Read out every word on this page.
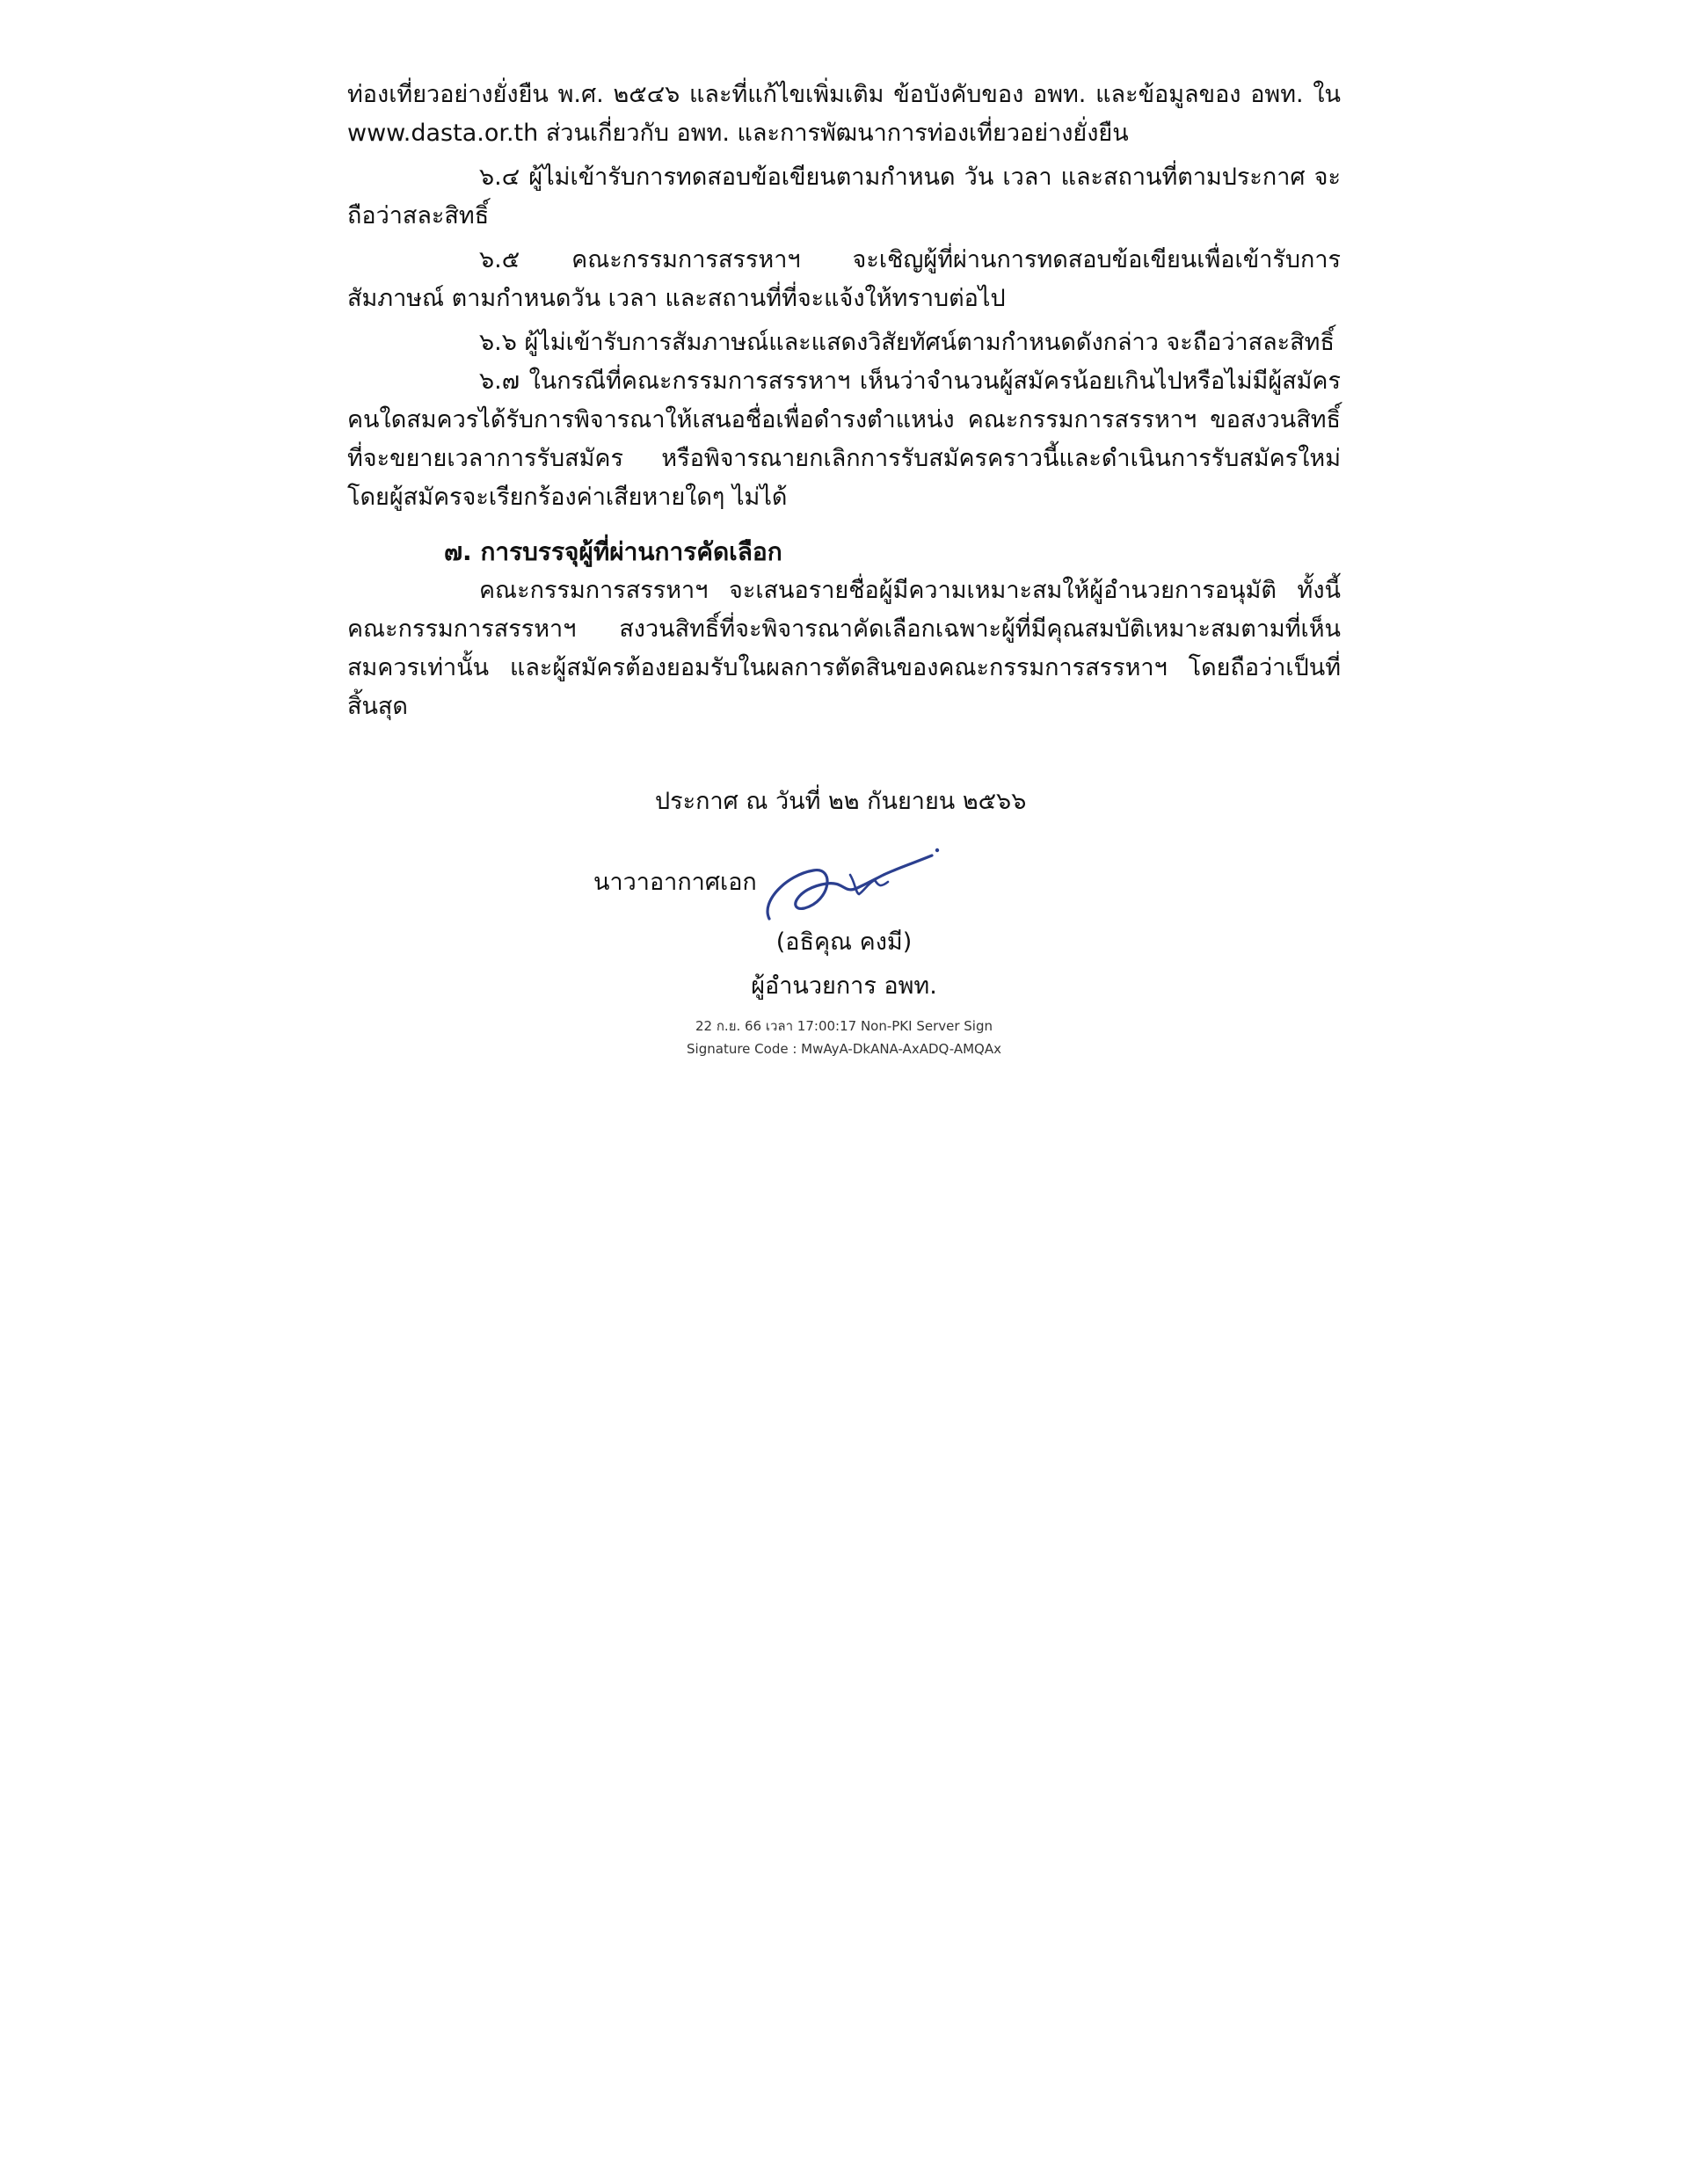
ท่องเที่ยวอย่างยั่งยืน พ.ศ. ๒๕๔๖ และที่แก้ไขเพิ่มเติม ข้อบังคับของ อพท. และข้อมูลของ อพท. ใน www.dasta.or.th ส่วนเกี่ยวกับ อพท. และการพัฒนาการท่องเที่ยวอย่างยั่งยืน

๖.๔ ผู้ไม่เข้ารับการทดสอบข้อเขียนตามกำหนด วัน เวลา และสถานที่ตามประกาศ จะถือว่าสละสิทธิ์

๖.๕ คณะกรรมการสรรหาฯ จะเชิญผู้ที่ผ่านการทดสอบข้อเขียนเพื่อเข้ารับการสัมภาษณ์ ตามกำหนดวัน เวลา และสถานที่ที่จะแจ้งให้ทราบต่อไป

๖.๖ ผู้ไม่เข้ารับการสัมภาษณ์และแสดงวิสัยทัศน์ตามกำหนดดังกล่าว จะถือว่าสละสิทธิ์

๖.๗ ในกรณีที่คณะกรรมการสรรหาฯ เห็นว่าจำนวนผู้สมัครน้อยเกินไปหรือไม่มีผู้สมัครคนใดสมควรได้รับการพิจารณาให้เสนอชื่อเพื่อดำรงตำแหน่ง คณะกรรมการสรรหาฯ ขอสงวนสิทธิ์ที่จะขยายเวลาการรับสมัคร หรือพิจารณายกเลิกการรับสมัครคราวนี้และดำเนินการรับสมัครใหม่ โดยผู้สมัครจะเรียกร้องค่าเสียหายใดๆ ไม่ได้

๗. การบรรจุผู้ที่ผ่านการคัดเลือก

คณะกรรมการสรรหาฯ จะเสนอรายชื่อผู้มีความเหมาะสมให้ผู้อำนวยการอนุมัติ ทั้งนี้ คณะกรรมการสรรหาฯ สงวนสิทธิ์ที่จะพิจารณาคัดเลือกเฉพาะผู้ที่มีคุณสมบัติเหมาะสมตามที่เห็นสมควรเท่านั้น และผู้สมัครต้องยอมรับในผลการตัดสินของคณะกรรมการสรรหาฯ โดยถือว่าเป็นที่สิ้นสุด

ประกาศ ณ วันที่ ๒๒ กันยายน ๒๕๖๖
นาวาอากาศเอก
(อธิคุณ คงมี)
ผู้อำนวยการ อพท.
22 ก.ย. 66 เวลา 17:00:17 Non-PKI Server Sign
Signature Code : MwAyA-DkANA-AxADQ-AMQAx
